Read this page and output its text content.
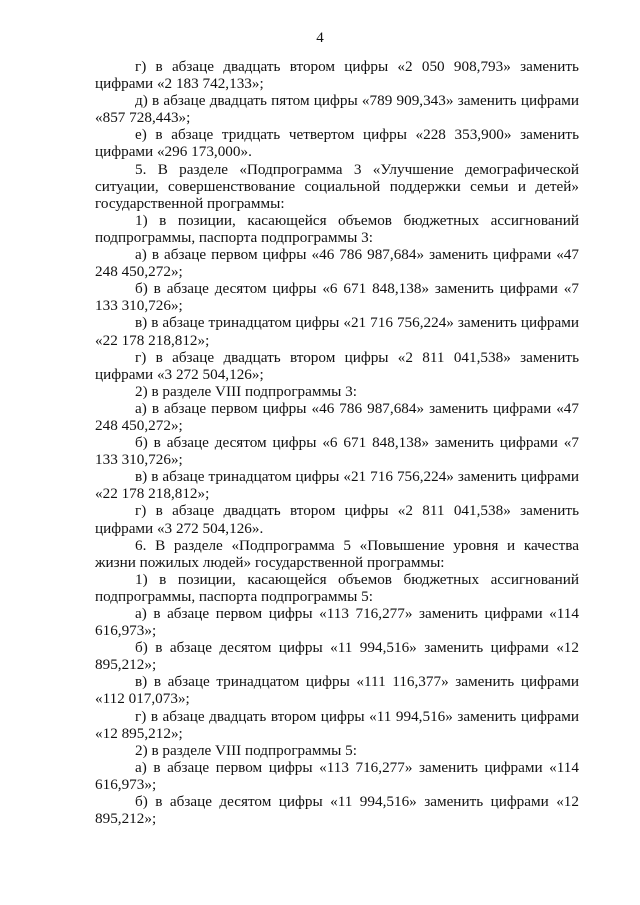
4

г) в абзаце двадцать втором цифры «2 050 908,793» заменить цифрами «2 183 742,133»;

д) в абзаце двадцать пятом цифры «789 909,343» заменить цифрами «857 728,443»;

е) в абзаце тридцать четвертом цифры «228 353,900» заменить цифрами «296 173,000».

5. В разделе «Подпрограмма 3 «Улучшение демографической ситуации, совершенствование социальной поддержки семьи и детей» государственной программы:

1) в позиции, касающейся объемов бюджетных ассигнований подпрограммы, паспорта подпрограммы 3:

а) в абзаце первом цифры «46 786 987,684» заменить цифрами «47 248 450,272»;

б) в абзаце десятом цифры «6 671 848,138» заменить цифрами «7 133 310,726»;

в) в абзаце тринадцатом цифры «21 716 756,224» заменить цифрами «22 178 218,812»;

г) в абзаце двадцать втором цифры «2 811 041,538» заменить цифрами «3 272 504,126»;

2) в разделе VIII подпрограммы 3:

а) в абзаце первом цифры «46 786 987,684» заменить цифрами «47 248 450,272»;

б) в абзаце десятом цифры «6 671 848,138» заменить цифрами «7 133 310,726»;

в) в абзаце тринадцатом цифры «21 716 756,224» заменить цифрами «22 178 218,812»;

г) в абзаце двадцать втором цифры «2 811 041,538» заменить цифрами «3 272 504,126».

6. В разделе «Подпрограмма 5 «Повышение уровня и качества жизни пожилых людей» государственной программы:

1) в позиции, касающейся объемов бюджетных ассигнований подпрограммы, паспорта подпрограммы 5:

а) в абзаце первом цифры «113 716,277» заменить цифрами «114 616,973»;

б) в абзаце десятом цифры «11 994,516» заменить цифрами «12 895,212»;

в) в абзаце тринадцатом цифры «111 116,377» заменить цифрами «112 017,073»;

г) в абзаце двадцать втором цифры «11 994,516» заменить цифрами «12 895,212»;

2) в разделе VIII подпрограммы 5:

а) в абзаце первом цифры «113 716,277» заменить цифрами «114 616,973»;

б) в абзаце десятом цифры «11 994,516» заменить цифрами «12 895,212»;
